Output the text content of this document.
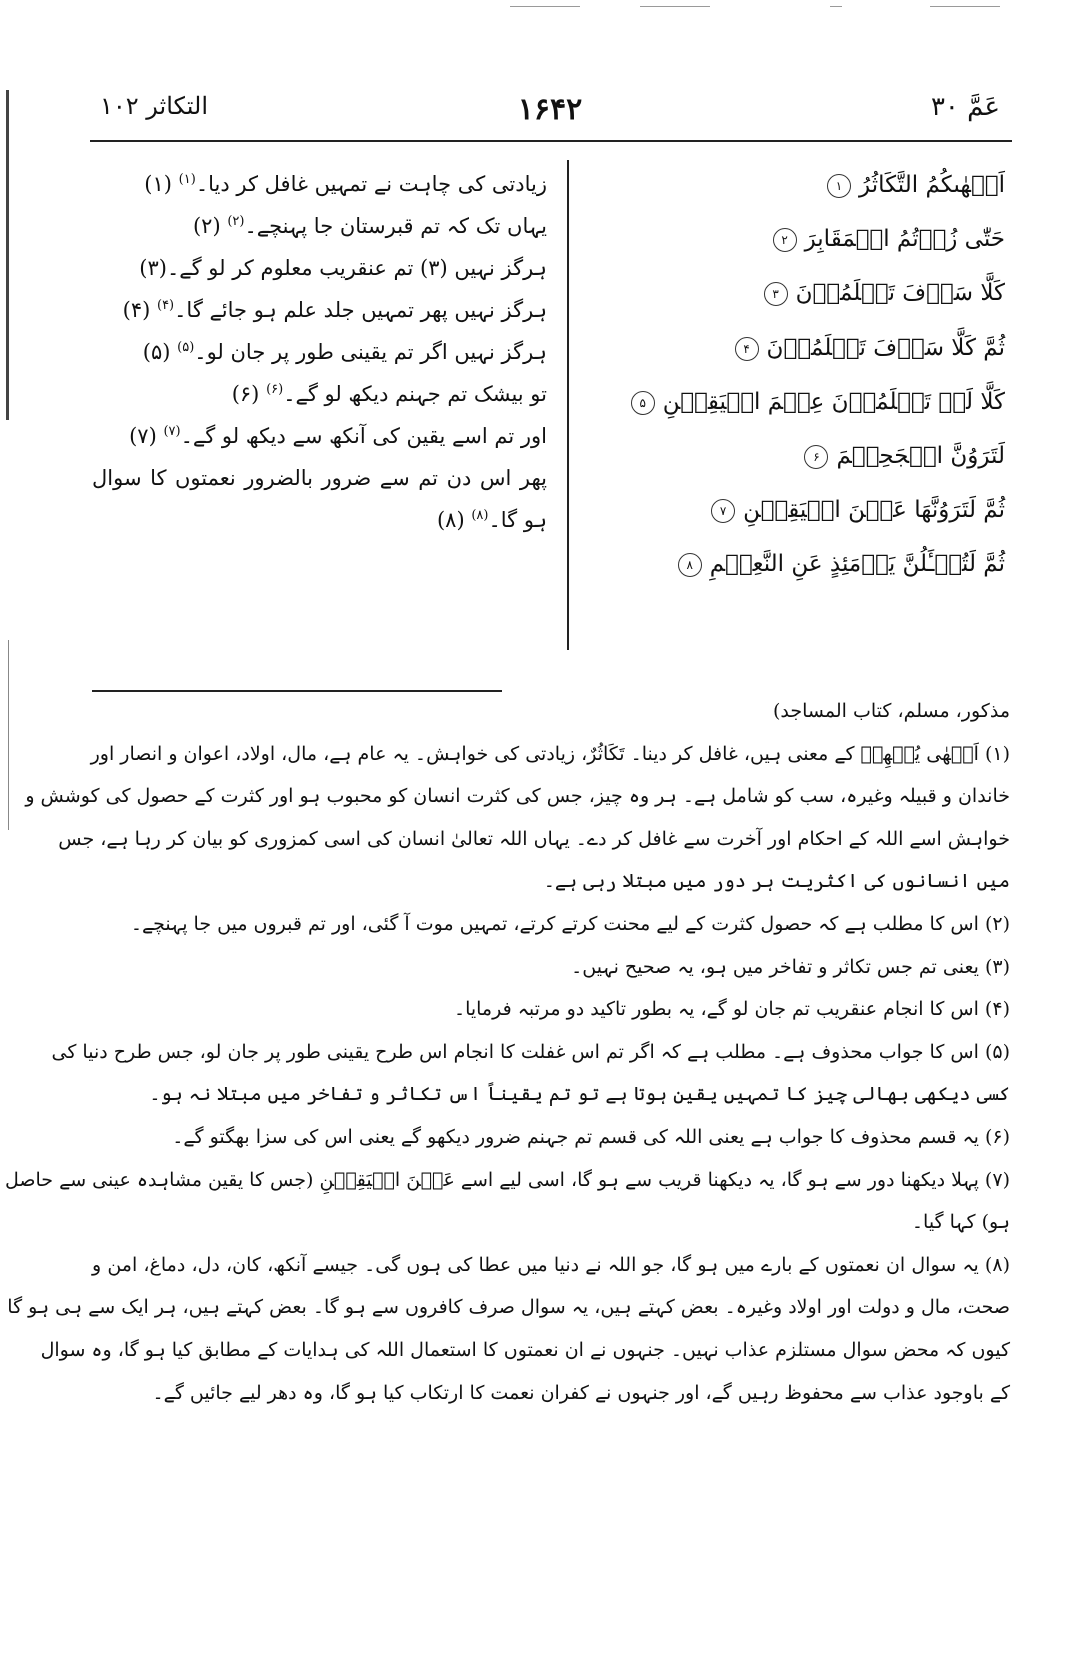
عَمَّ ۳۰
۱۶۴۲
التکاثر ۱۰۲
اَلۡهٰىكُمُ التَّكَاثُرُ۱
حَتّٰى زُرۡتُمُ الۡمَقَابِرَ۲
كَلَّا سَوۡفَ تَعۡلَمُوۡنَ۳
ثُمَّ كَلَّا سَوۡفَ تَعۡلَمُوۡنَ۴
كَلَّا لَوۡ تَعۡلَمُوۡنَ عِلۡمَ الۡيَقِيۡنِ۵
لَتَرَوُنَّ الۡجَحِيۡمَ۶
ثُمَّ لَتَرَوُنَّهَا عَيۡنَ الۡيَقِيۡنِ۷
ثُمَّ لَتُسۡـَٔلُنَّ يَوۡمَئِذٍ عَنِ النَّعِيۡمِ۸
زیادتی کی چاہت نے تمہیں غافل کر دیا۔$^{(۱)}$ (۱)
یہاں تک کہ تم قبرستان جا پہنچے۔$^{(۲)}$ (۲)
ہرگز نہیں (۳) تم عنقریب معلوم کر لو گے۔(۳)
ہرگز نہیں پھر تمہیں جلد علم ہو جائے گا۔$^{(۴)}$ (۴)
ہرگز نہیں اگر تم یقینی طور پر جان لو۔$^{(۵)}$ (۵)
تو بیشک تم جہنم دیکھ لو گے۔$^{(۶)}$ (۶)
اور تم اسے یقین کی آنکھ سے دیکھ لو گے۔$^{(۷)}$ (۷)
پھر اس دن تم سے ضرور بالضرور نعمتوں کا سوال
ہو گا۔$^{(۸)}$ (۸)
مذکور، مسلم، کتاب المساجد)
(۱) اَلۡهٰى يُلۡهِىۡ کے معنی ہیں، غافل کر دینا۔ تَكَاثُرٌ، زیادتی کی خواہش۔ یہ عام ہے، مال، اولاد، اعوان و انصار اور
خاندان و قبیلہ وغیرہ، سب کو شامل ہے۔ ہر وہ چیز، جس کی کثرت انسان کو محبوب ہو اور کثرت کے حصول کی کوشش و
خواہش اسے اللہ کے احکام اور آخرت سے غافل کر دے۔ یہاں اللہ تعالیٰ انسان کی اسی کمزوری کو بیان کر رہا ہے، جس
میں انسانوں کی اکثریت ہر دور میں مبتلا رہی ہے۔
(۲) اس کا مطلب ہے کہ حصول کثرت کے لیے محنت کرتے کرتے، تمہیں موت آ گئی، اور تم قبروں میں جا پہنچے۔
(۳) یعنی تم جس تکاثر و تفاخر میں ہو، یہ صحیح نہیں۔
(۴) اس کا انجام عنقریب تم جان لو گے، یہ بطور تاکید دو مرتبہ فرمایا۔
(۵) اس کا جواب محذوف ہے۔ مطلب ہے کہ اگر تم اس غفلت کا انجام اس طرح یقینی طور پر جان لو، جس طرح دنیا کی
کسی دیکھی بھالی چیز کا تمہیں یقین ہوتا ہے تو تم یقیناً اس تکاثر و تفاخر میں مبتلا نہ ہو۔
(۶) یہ قسم محذوف کا جواب ہے یعنی اللہ کی قسم تم جہنم ضرور دیکھو گے یعنی اس کی سزا بھگتو گے۔
(۷) پہلا دیکھنا دور سے ہو گا، یہ دیکھنا قریب سے ہو گا، اسی لیے اسے عَيۡنَ الۡيَقِيۡنِ (جس کا یقین مشاہدہ عینی سے حاصل
ہو) کہا گیا۔
(۸) یہ سوال ان نعمتوں کے بارے میں ہو گا، جو اللہ نے دنیا میں عطا کی ہوں گی۔ جیسے آنکھ، کان، دل، دماغ، امن و
صحت، مال و دولت اور اولاد وغیرہ۔ بعض کہتے ہیں، یہ سوال صرف کافروں سے ہو گا۔ بعض کہتے ہیں، ہر ایک سے ہی ہو گا
کیوں کہ محض سوال مستلزم عذاب نہیں۔ جنہوں نے ان نعمتوں کا استعمال اللہ کی ہدایات کے مطابق کیا ہو گا، وہ سوال
کے باوجود عذاب سے محفوظ رہیں گے، اور جنہوں نے کفران نعمت کا ارتکاب کیا ہو گا، وہ دھر لیے جائیں گے۔
